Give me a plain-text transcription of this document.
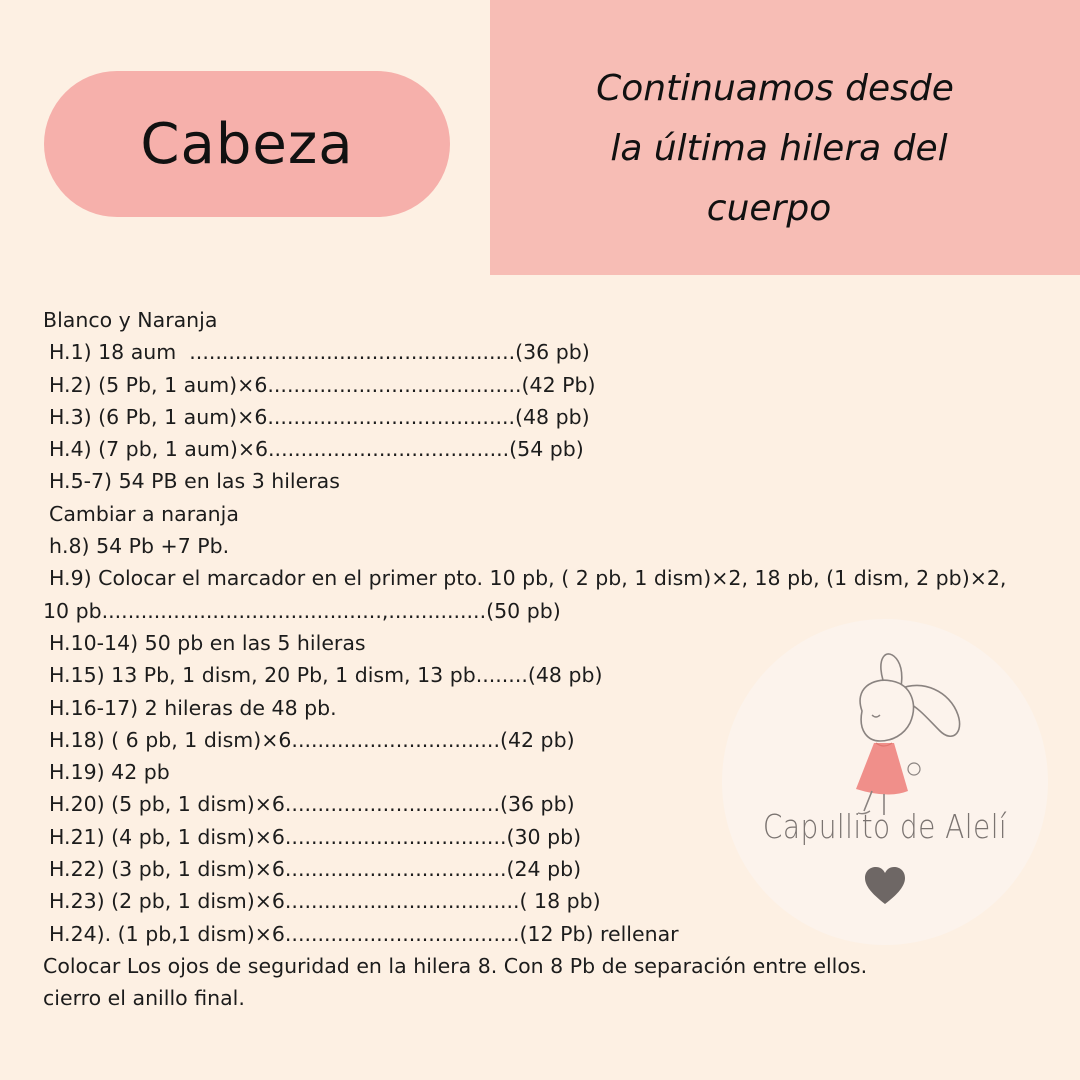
Cabeza
Continuamos desde
la última hilera del
cuerpo
Blanco y Naranja
H.1) 18 aum  ..................................................(36 pb)
H.2) (5 Pb, 1 aum)×6.......................................(42 Pb)
H.3) (6 Pb, 1 aum)×6......................................(48 pb)
H.4) (7 pb, 1 aum)×6.....................................(54 pb)
H.5-7) 54 PB en las 3 hileras
Cambiar a naranja
h.8) 54 Pb +7 Pb.
H.9) Colocar el marcador en el primer pto. 10 pb, ( 2 pb, 1 dism)×2, 18 pb, (1 dism, 2 pb)×2,
10 pb...........................................,...............(50 pb)
H.10-14) 50 pb en las 5 hileras
H.15) 13 Pb, 1 dism, 20 Pb, 1 dism, 13 pb........(48 pb)
H.16-17) 2 hileras de 48 pb.
H.18) ( 6 pb, 1 dism)×6................................(42 pb)
H.19) 42 pb
H.20) (5 pb, 1 dism)×6.................................(36 pb)
H.21) (4 pb, 1 dism)×6..................................(30 pb)
H.22) (3 pb, 1 dism)×6..................................(24 pb)
H.23) (2 pb, 1 dism)×6....................................( 18 pb)
H.24). (1 pb,1 dism)×6....................................(12 Pb) rellenar
Colocar Los ojos de seguridad en la hilera 8. Con 8 Pb de separación entre ellos.
cierro el anillo final.
Capullito de Alelí
